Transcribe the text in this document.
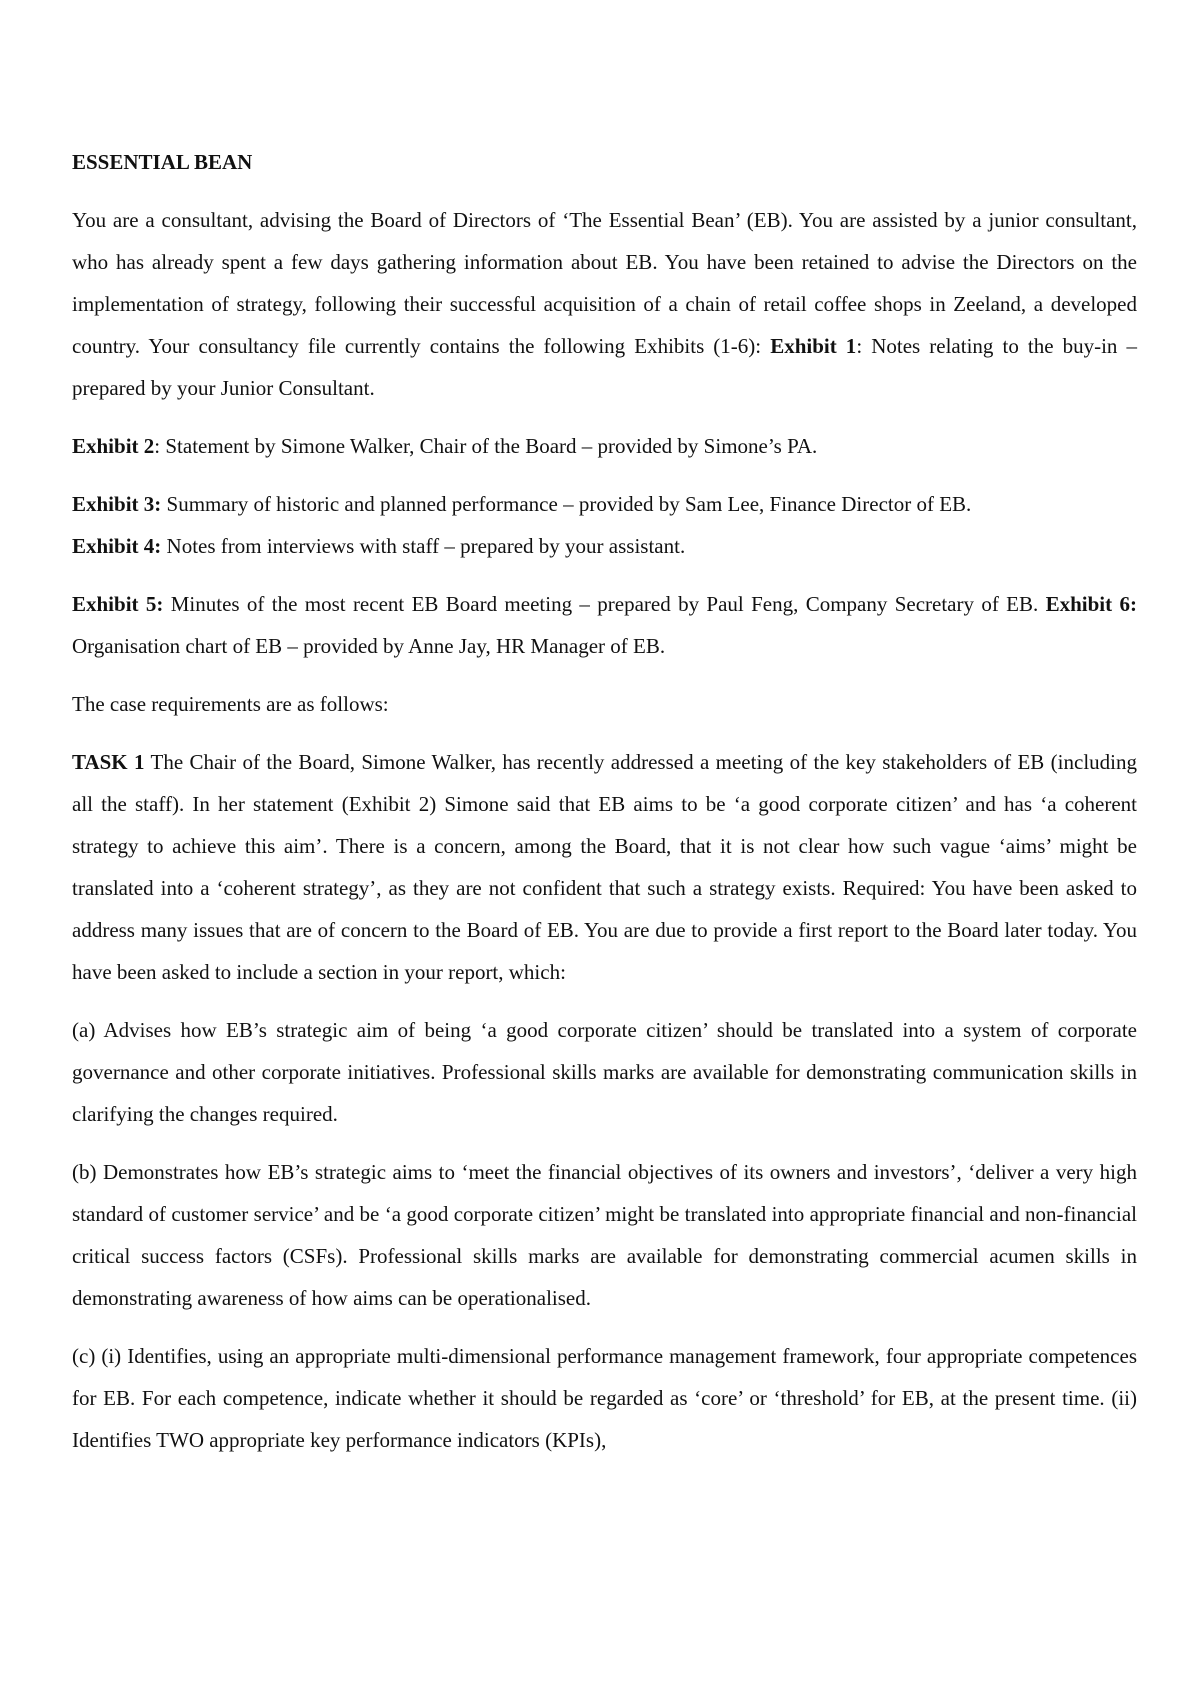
ESSENTIAL BEAN

You are a consultant, advising the Board of Directors of ‘The Essential Bean’ (EB). You are assisted by a junior consultant, who has already spent a few days gathering information about EB. You have been retained to advise the Directors on the implementation of strategy, following their successful acquisition of a chain of retail coffee shops in Zeeland, a developed country. Your consultancy file currently contains the following Exhibits (1-6): Exhibit 1: Notes relating to the buy-in – prepared by your Junior Consultant.

Exhibit 2: Statement by Simone Walker, Chair of the Board – provided by Simone’s PA.

Exhibit 3: Summary of historic and planned performance – provided by Sam Lee, Finance Director of EB.

Exhibit 4: Notes from interviews with staff – prepared by your assistant.

Exhibit 5: Minutes of the most recent EB Board meeting – prepared by Paul Feng, Company Secretary of EB. Exhibit 6: Organisation chart of EB – provided by Anne Jay, HR Manager of EB.

The case requirements are as follows:

TASK 1 The Chair of the Board, Simone Walker, has recently addressed a meeting of the key stakeholders of EB (including all the staff). In her statement (Exhibit 2) Simone said that EB aims to be ‘a good corporate citizen’ and has ‘a coherent strategy to achieve this aim’. There is a concern, among the Board, that it is not clear how such vague ‘aims’ might be translated into a ‘coherent strategy’, as they are not confident that such a strategy exists. Required: You have been asked to address many issues that are of concern to the Board of EB. You are due to provide a first report to the Board later today. You have been asked to include a section in your report, which:

(a) Advises how EB’s strategic aim of being ‘a good corporate citizen’ should be translated into a system of corporate governance and other corporate initiatives. Professional skills marks are available for demonstrating communication skills in clarifying the changes required.

(b) Demonstrates how EB’s strategic aims to ‘meet the financial objectives of its owners and investors’, ‘deliver a very high standard of customer service’ and be ‘a good corporate citizen’ might be translated into appropriate financial and non-financial critical success factors (CSFs). Professional skills marks are available for demonstrating commercial acumen skills in demonstrating awareness of how aims can be operationalised.

(c) (i) Identifies, using an appropriate multi-dimensional performance management framework, four appropriate competences for EB. For each competence, indicate whether it should be regarded as ‘core’ or ‘threshold’ for EB, at the present time. (ii) Identifies TWO appropriate key performance indicators (KPIs),
